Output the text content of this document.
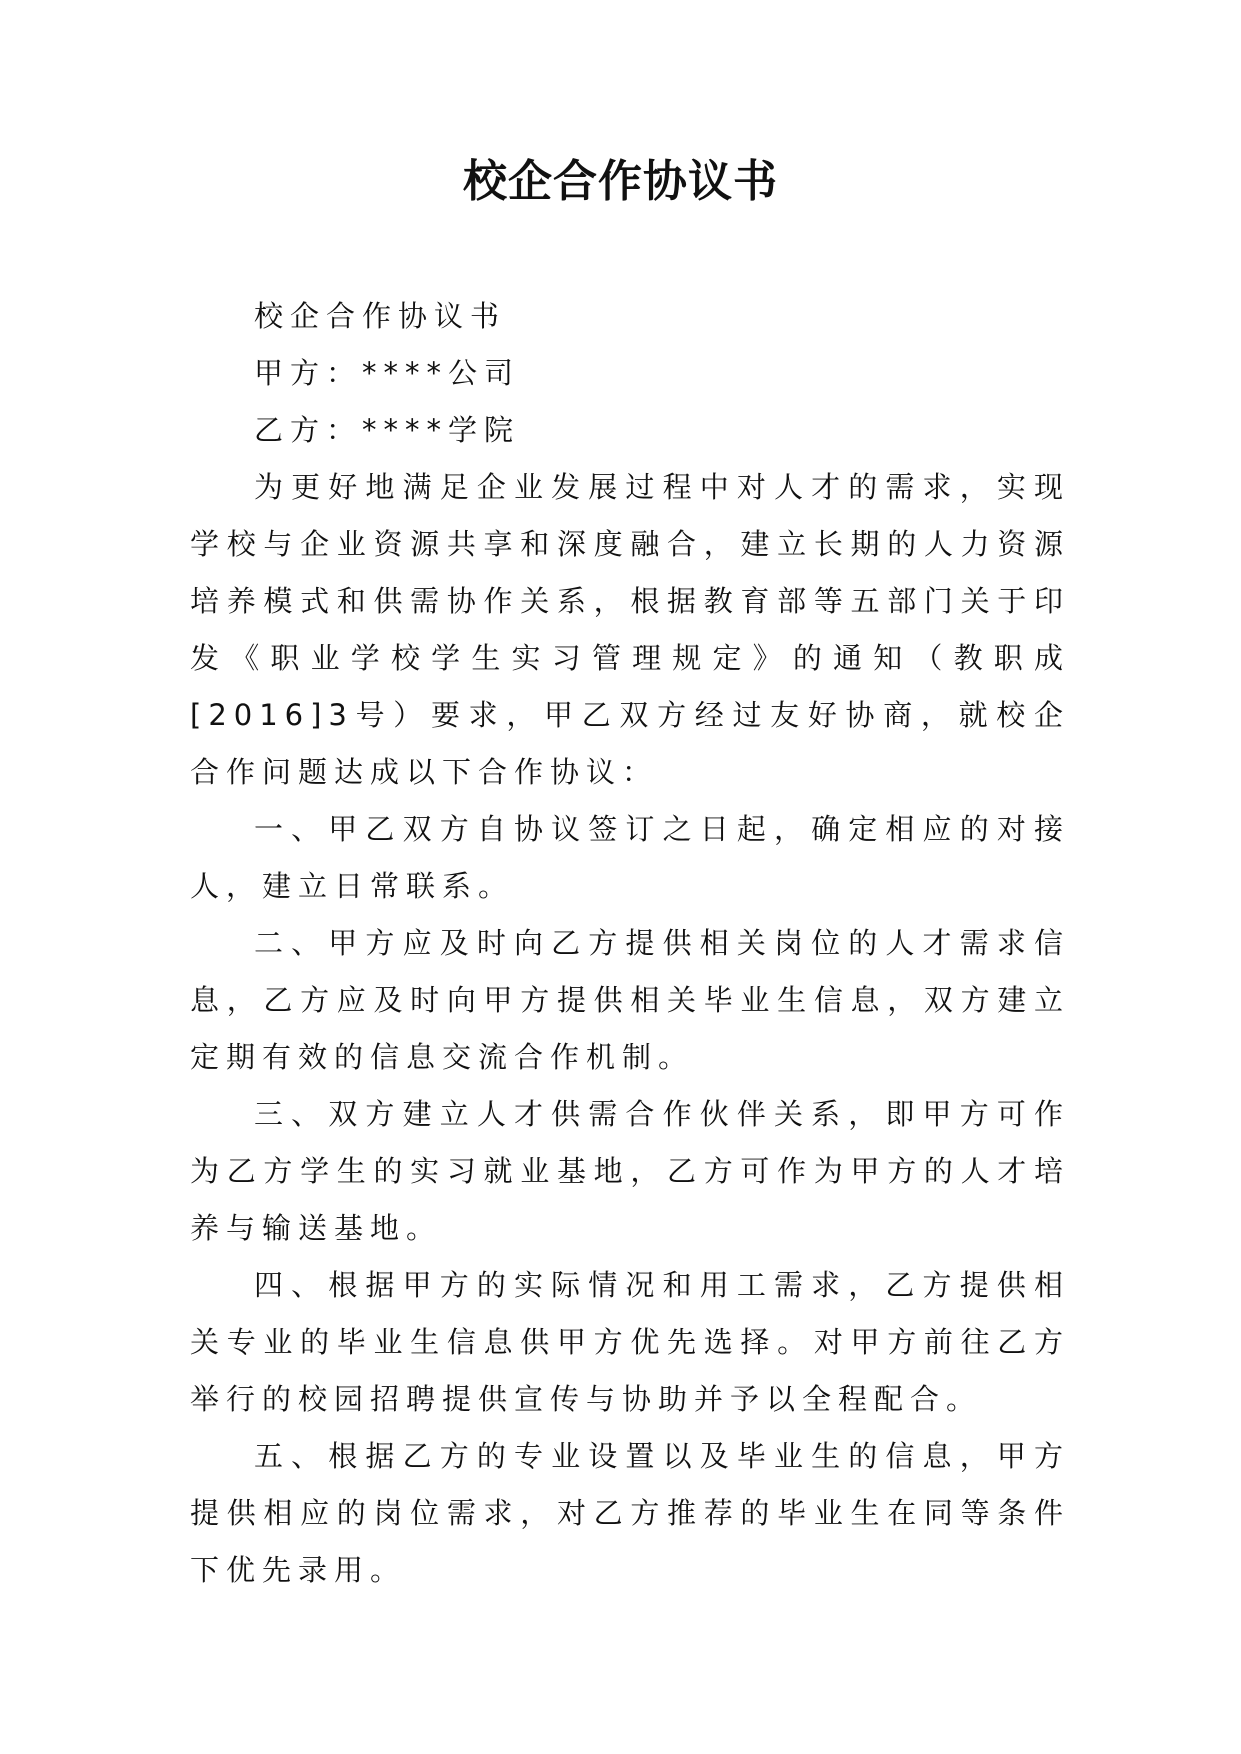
校企合作协议书

校企合作协议书

甲方：****公司

乙方：****学院

为更好地满足企业发展过程中对人才的需求，实现学校与企业资源共享和深度融合，建立长期的人力资源培养模式和供需协作关系，根据教育部等五部门关于印发《职业学校学生实习管理规定》的通知（教职成[2016]3号）要求，甲乙双方经过友好协商，就校企合作问题达成以下合作协议：

一、甲乙双方自协议签订之日起，确定相应的对接人，建立日常联系。

二、甲方应及时向乙方提供相关岗位的人才需求信息，乙方应及时向甲方提供相关毕业生信息，双方建立定期有效的信息交流合作机制。

三、双方建立人才供需合作伙伴关系，即甲方可作为乙方学生的实习就业基地，乙方可作为甲方的人才培养与输送基地。

四、根据甲方的实际情况和用工需求，乙方提供相关专业的毕业生信息供甲方优先选择。对甲方前往乙方举行的校园招聘提供宣传与协助并予以全程配合。

五、根据乙方的专业设置以及毕业生的信息，甲方提供相应的岗位需求，对乙方推荐的毕业生在同等条件下优先录用。
